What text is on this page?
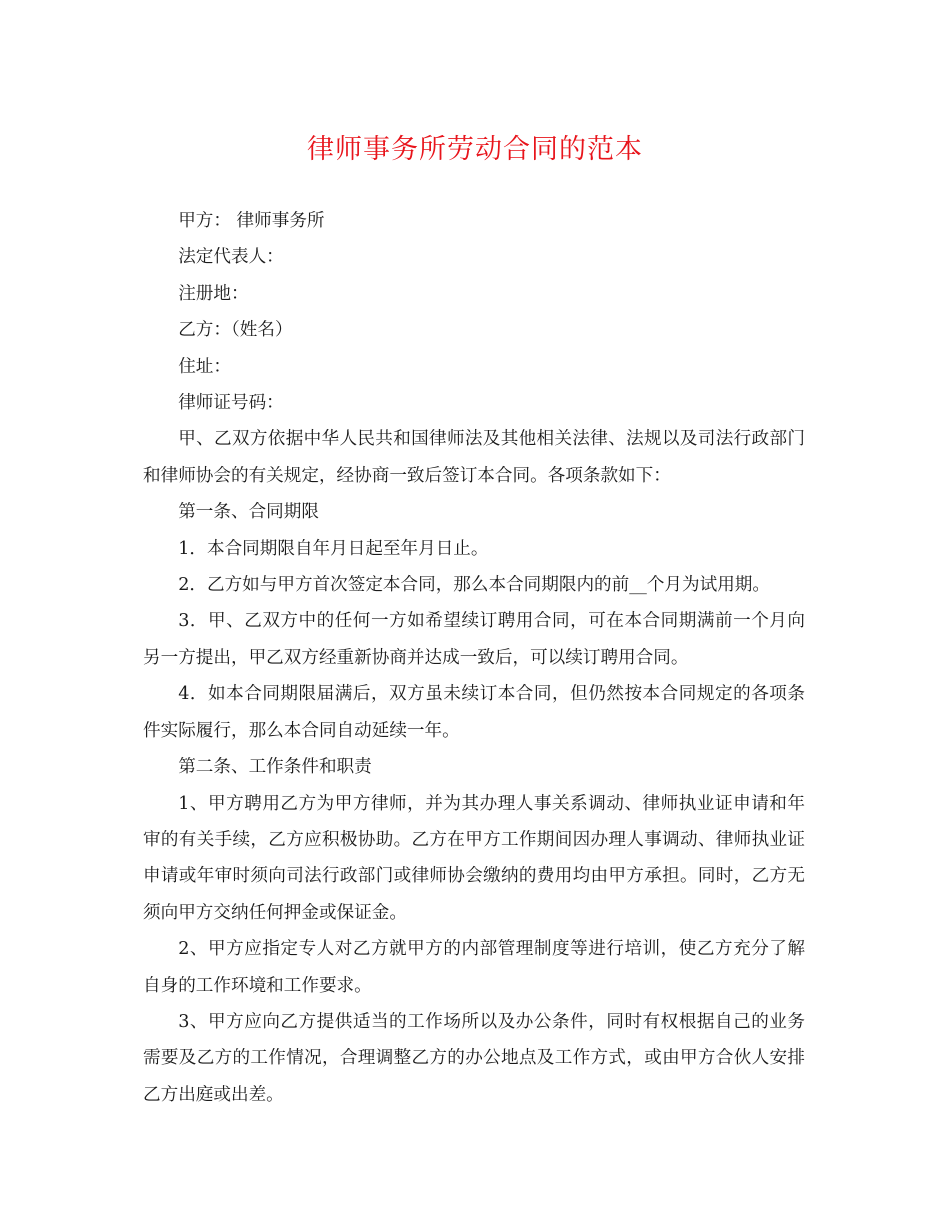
律师事务所劳动合同的范本

甲方： 律师事务所

法定代表人：

注册地：

乙方：（姓名）

住址：

律师证号码：

甲、乙双方依据中华人民共和国律师法及其他相关法律、法规以及司法行政部门和律师协会的有关规定，经协商一致后签订本合同。各项条款如下：

第一条、合同期限

1．本合同期限自年月日起至年月日止。

2．乙方如与甲方首次签定本合同，那么本合同期限内的前__个月为试用期。

3．甲、乙双方中的任何一方如希望续订聘用合同，可在本合同期满前一个月向另一方提出，甲乙双方经重新协商并达成一致后，可以续订聘用合同。

4．如本合同期限届满后，双方虽未续订本合同，但仍然按本合同规定的各项条件实际履行，那么本合同自动延续一年。

第二条、工作条件和职责

1、甲方聘用乙方为甲方律师，并为其办理人事关系调动、律师执业证申请和年审的有关手续，乙方应积极协助。乙方在甲方工作期间因办理人事调动、律师执业证申请或年审时须向司法行政部门或律师协会缴纳的费用均由甲方承担。同时，乙方无须向甲方交纳任何押金或保证金。

2、甲方应指定专人对乙方就甲方的内部管理制度等进行培训，使乙方充分了解自身的工作环境和工作要求。

3、甲方应向乙方提供适当的工作场所以及办公条件，同时有权根据自己的业务需要及乙方的工作情况，合理调整乙方的办公地点及工作方式，或由甲方合伙人安排乙方出庭或出差。
